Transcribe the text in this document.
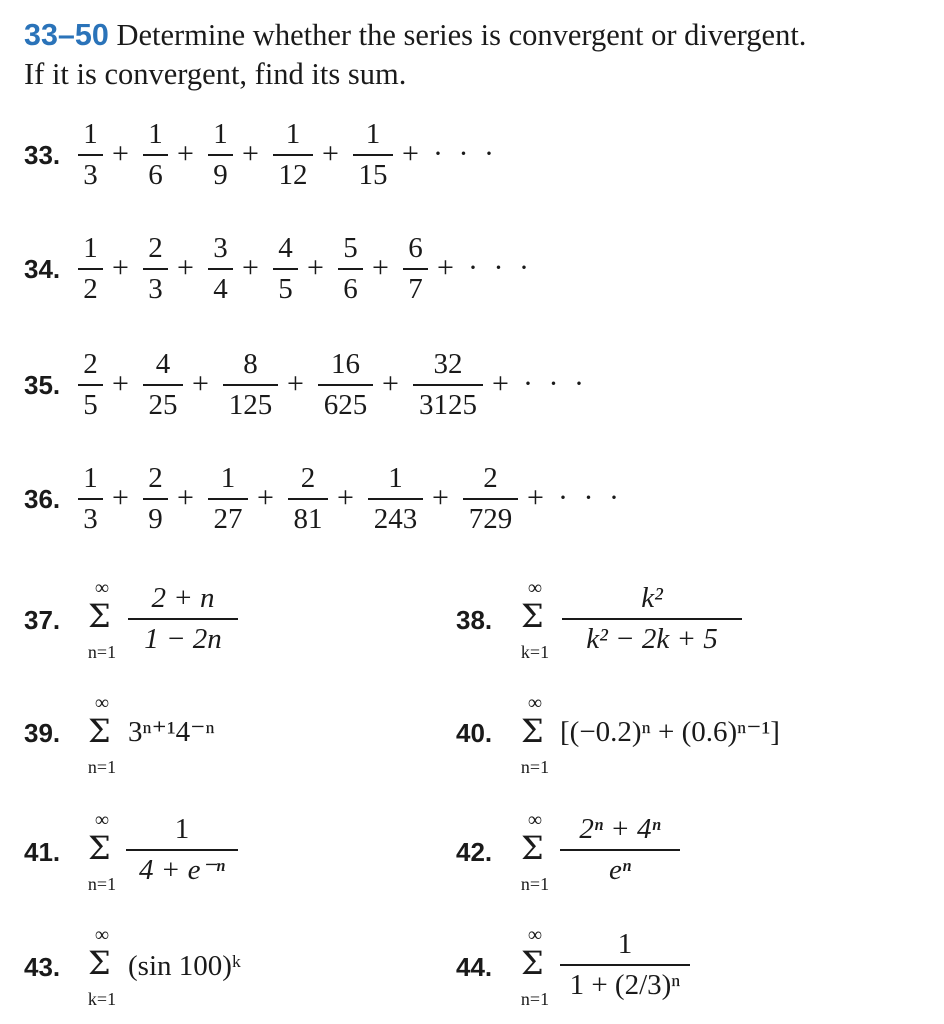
33–50 Determine whether the series is convergent or divergent.
If it is convergent, find its sum.
33.
1
3
+
1
6
+
1
9
+
1
12
+
1
15
+ · · ·
34.
1
2
+
2
3
+
3
4
+
4
5
+
5
6
+
6
7
+ · · ·
35.
2
5
+
4
25
+
8
125
+
16
625
+
32
3125
+ · · ·
36.
1
3
+
2
9
+
1
27
+
2
81
+
1
243
+
2
729
+ · · ·
37.
∞
Σ
n=1
2 + n
1 − 2n
38.
∞
Σ
k=1
k²
k² − 2k + 5
39.
∞
Σ
n=1
3ⁿ⁺¹4⁻ⁿ	40.
∞
Σ
n=1
[(−0.2)ⁿ + (0.6)ⁿ⁻¹]
41.
∞
Σ
n=1
1
4 + e⁻ⁿ
42.
∞
Σ
n=1
2ⁿ + 4ⁿ
eⁿ
43.
∞
Σ
k=1
(sin 100)ᵏ	44.
∞
Σ
n=1
1
1 + (2/3)ⁿ
